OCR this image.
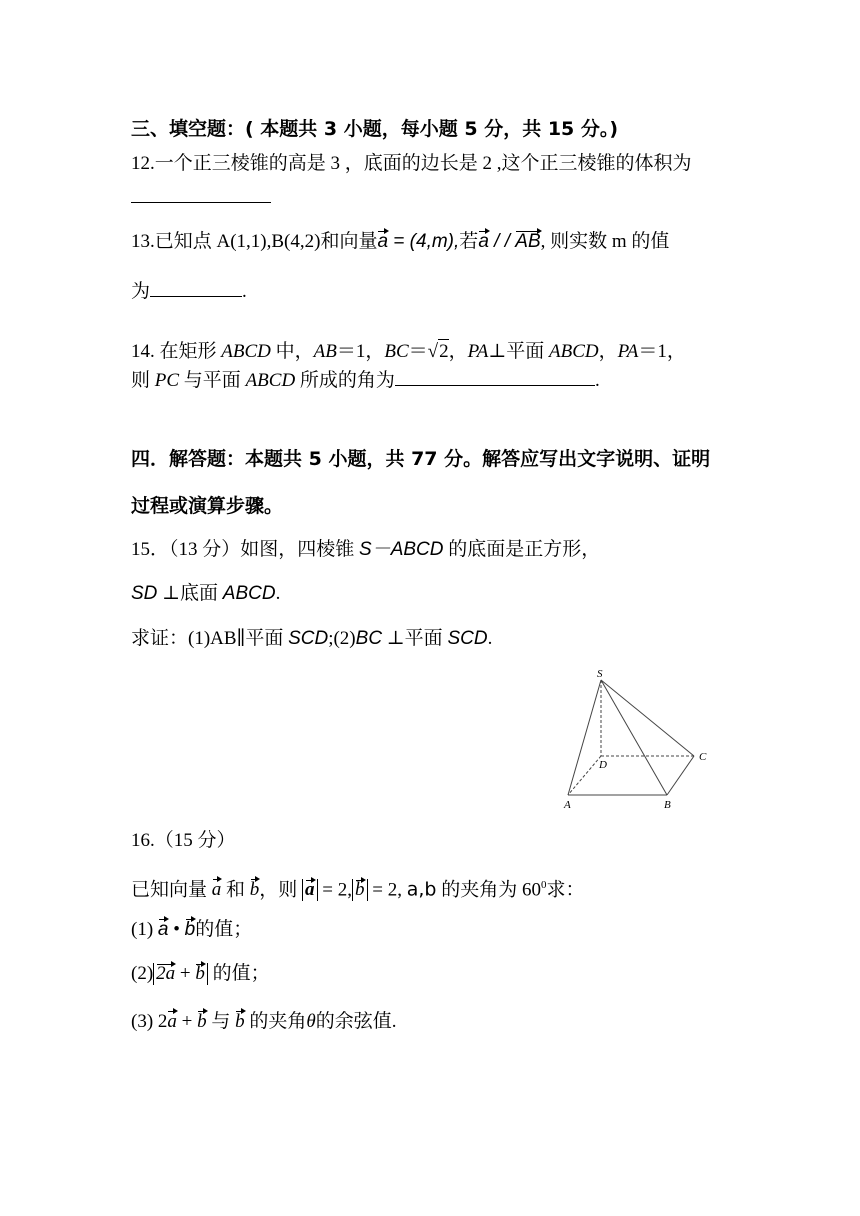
三、填空题：( 本题共 3 小题，每小题 5 分，共 15 分。)
12.一个正三棱锥的高是 3 ，底面的边长是 2 ,这个正三棱锥的体积为
13.已知点 A(1,1),B(4,2)和向量a = (4,m),若a / / AB, 则实数 m 的值
为	.
14. 在矩形 ABCD 中，AB＝1，BC＝√2，PA⊥平面 ABCD，PA＝1，
则 PC 与平面 ABCD 所成的角为	.
四．解答题：本题共 5 小题，共 77 分。解答应写出文字说明、证明
过程或演算步骤。
15．（13 分）如图，四棱锥 S－ABCD 的底面是正方形，
SD ⊥底面 ABCD.
求证：(1)AB∥平面 SCD;(2)BC ⊥平面 SCD.
S
D
C
A	B
16.（15 分）
已知向量 a 和 b，则 a = 2, b = 2, a,b 的夹角为 $60^0$求：
(1) a • b的值；
(2) 2a + b 的值；
(3) 2a + b 与 b 的夹角θ的余弦值.
